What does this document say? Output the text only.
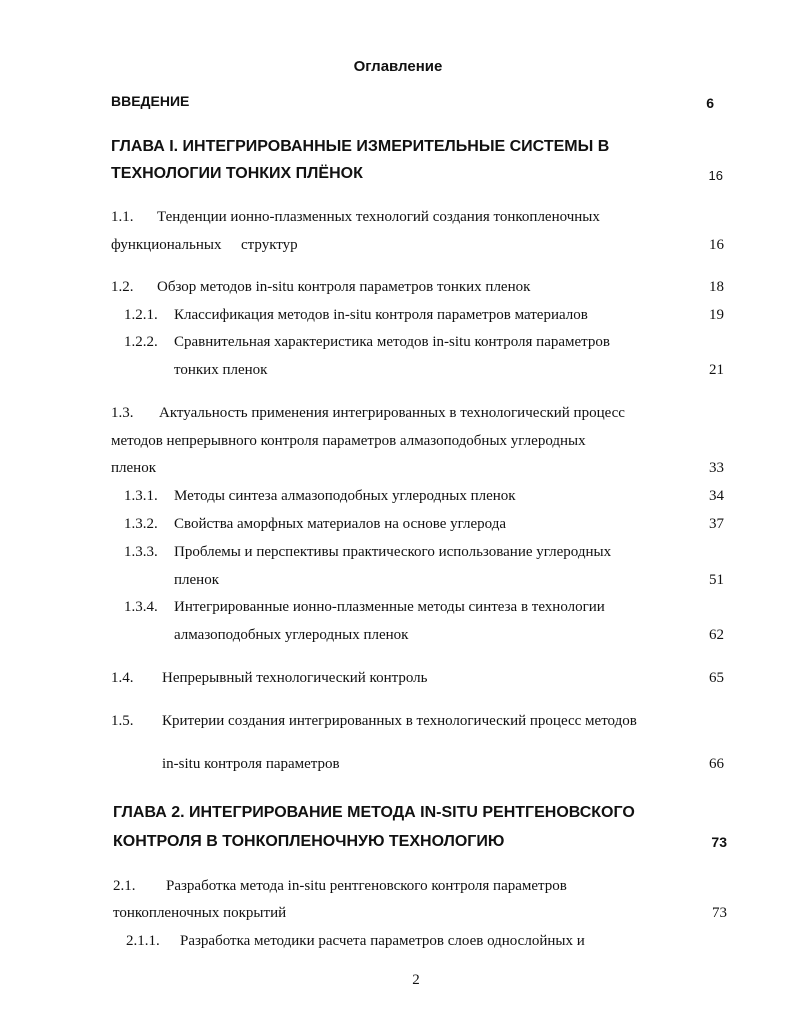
Оглавление
ВВЕДЕНИЕ	6
ГЛАВА I. ИНТЕГРИРОВАННЫЕ ИЗМЕРИТЕЛЬНЫЕ СИСТЕМЫ В
ТЕХНОЛОГИИ ТОНКИХ ПЛЁНОК	16
1.1. Тенденции ионно-плазменных технологий создания тонкопленочных
функциональных структур	16
1.2. Обзор методов in-situ контроля параметров тонких пленок	18
1.2.1. Классификация методов in-situ контроля параметров материалов	19
1.2.2. Сравнительная характеристика методов in-situ контроля параметров
тонких пленок	21
1.3. Актуальность применения интегрированных в технологический процесс
методов непрерывного контроля параметров алмазоподобных углеродных
пленок	33
1.3.1. Методы синтеза алмазоподобных углеродных пленок	34
1.3.2. Свойства аморфных материалов на основе углерода	37
1.3.3. Проблемы и перспективы практического использование углеродных
пленок	51
1.3.4. Интегрированные ионно-плазменные методы синтеза в технологии
алмазоподобных углеродных пленок	62
1.4. Непрерывный технологический контроль	65
1.5. Критерии создания интегрированных в технологический процесс методов
in-situ контроля параметров	66
ГЛАВА 2. ИНТЕГРИРОВАНИЕ МЕТОДА IN-SITU РЕНТГЕНОВСКОГО
КОНТРОЛЯ В ТОНКОПЛЕНОЧНУЮ ТЕХНОЛОГИЮ	73
2.1. Разработка метода in-situ рентгеновского контроля параметров
тонкопленочных покрытий	73
2.1.1. Разработка методики расчета параметров слоев однослойных и
2
